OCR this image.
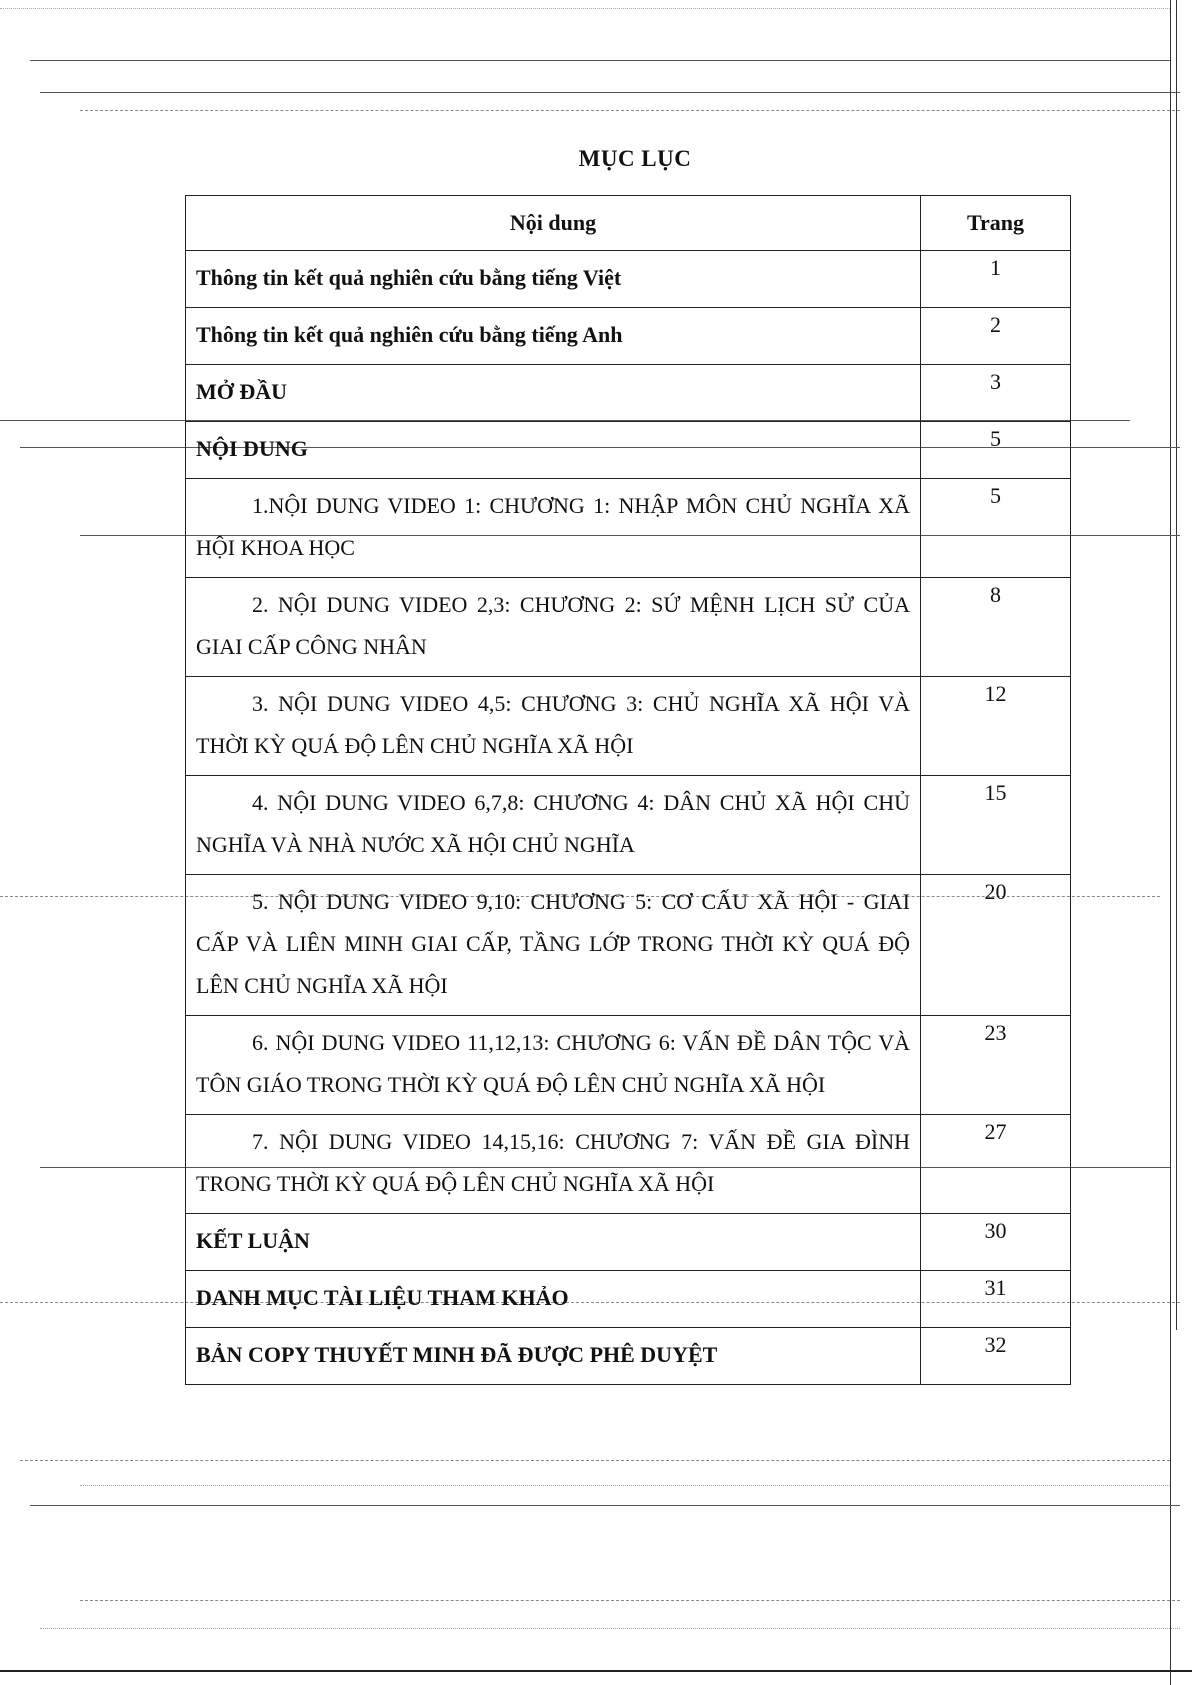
MỤC LỤC
Nội dung	Trang

Thông tin kết quả nghiên cứu bằng tiếng Việt	1

Thông tin kết quả nghiên cứu bằng tiếng Anh	2

MỞ ĐẦU	3

NỘI DUNG	5

1.NỘI DUNG VIDEO 1: CHƯƠNG 1: NHẬP MÔN CHỦ NGHĨA XÃ HỘI KHOA HỌC	5

2. NỘI DUNG VIDEO 2,3: CHƯƠNG 2: SỨ MỆNH LỊCH SỬ CỦA GIAI CẤP CÔNG NHÂN	8

3. NỘI DUNG VIDEO 4,5: CHƯƠNG 3: CHỦ NGHĨA XÃ HỘI VÀ THỜI KỲ QUÁ ĐỘ LÊN CHỦ NGHĨA XÃ HỘI	12

4. NỘI DUNG VIDEO 6,7,8: CHƯƠNG 4: DÂN CHỦ XÃ HỘI CHỦ NGHĨA VÀ NHÀ NƯỚC XÃ HỘI CHỦ NGHĨA	15

5. NỘI DUNG VIDEO 9,10: CHƯƠNG 5: CƠ CẤU XÃ HỘI - GIAI CẤP VÀ LIÊN MINH GIAI CẤP, TẦNG LỚP TRONG THỜI KỲ QUÁ ĐỘ LÊN CHỦ NGHĨA XÃ HỘI	20

6. NỘI DUNG VIDEO 11,12,13: CHƯƠNG 6: VẤN ĐỀ DÂN TỘC VÀ TÔN GIÁO TRONG THỜI KỲ QUÁ ĐỘ LÊN CHỦ NGHĨA XÃ HỘI	23

7. NỘI DUNG VIDEO 14,15,16: CHƯƠNG 7: VẤN ĐỀ GIA ĐÌNH TRONG THỜI KỲ QUÁ ĐỘ LÊN CHỦ NGHĨA XÃ HỘI	27

KẾT LUẬN	30

DANH MỤC TÀI LIỆU THAM KHẢO	31

BẢN COPY THUYẾT MINH ĐÃ ĐƯỢC PHÊ DUYỆT	32
